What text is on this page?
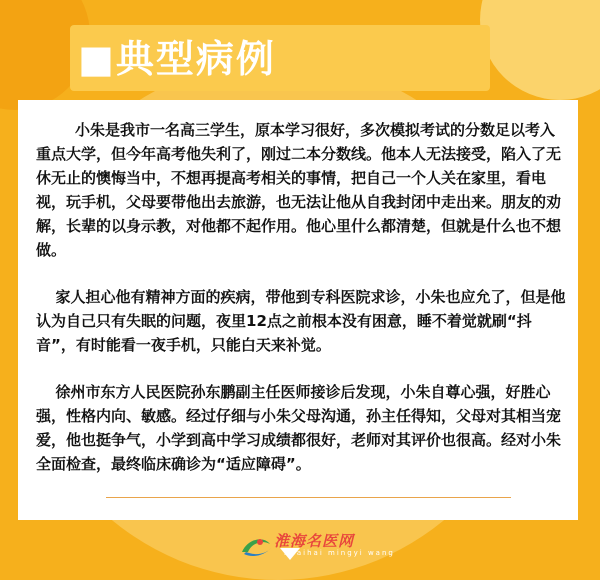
■典型病例

小朱是我市一名高三学生，原本学习很好，多次模拟考试的分数足以考入重点大学，但今年高考他失利了，刚过二本分数线。他本人无法接受，陷入了无休无止的懊悔当中，不想再提高考相关的事情，把自己一个人关在家里，看电视，玩手机，父母要带他出去旅游，也无法让他从自我封闭中走出来。朋友的劝解，长辈的以身示教，对他都不起作用。他心里什么都清楚，但就是什么也不想做。

家人担心他有精神方面的疾病，带他到专科医院求诊，小朱也应允了，但是他认为自己只有失眠的问题，夜里12点之前根本没有困意，睡不着觉就刷“抖音”，有时能看一夜手机，只能白天来补觉。

徐州市东方人民医院孙东鹏副主任医师接诊后发现，小朱自尊心强，好胜心强，性格内向、敏感。经过仔细与小朱父母沟通，孙主任得知，父母对其相当宠爱，他也挺争气，小学到高中学习成绩都很好，老师对其评价也很高。经对小朱全面检查，最终临床确诊为“适应障碍”。

淮海名医网
huaihai mingyi wang
